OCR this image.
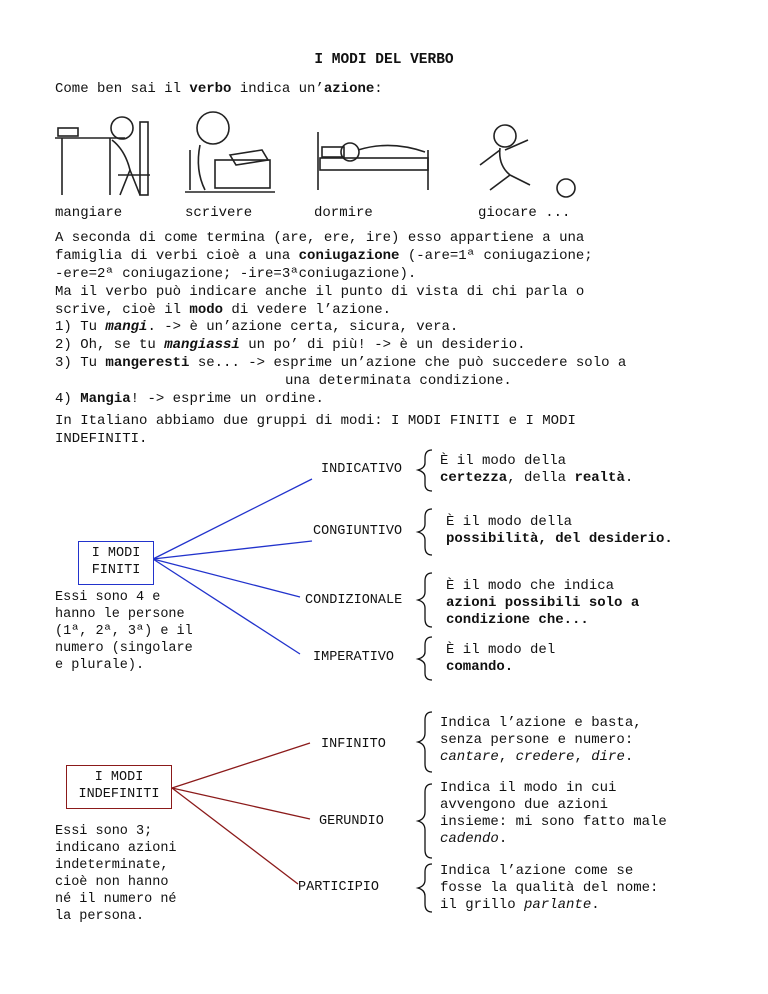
I MODI DEL VERBO
Come ben sai il verbo indica un’azione:
mangiare	scrivere	dormire	giocare ...
A seconda di come termina (are, ere, ire) esso appartiene a una
famiglia di verbi cioè a una coniugazione (-are=1ª coniugazione;
-ere=2ª coniugazione; -ire=3ªconiugazione).
Ma il verbo può indicare anche il punto di vista di chi parla o
scrive, cioè il modo di vedere l’azione.
1) Tu mangi. -> è un’azione certa, sicura, vera.
2) Oh, se tu mangiassi un po’ di più! -> è un desiderio.
3) Tu mangeresti se... -> esprime un’azione che può succedere solo a
una determinata condizione.
4) Mangia! -> esprime un ordine.
In Italiano abbiamo due gruppi di modi: I MODI FINITI e I MODI
INDEFINITI.
I MODI
FINITI
Essi sono 4 e
hanno le persone
(1ª, 2ª, 3ª) e il
numero (singolare
e plurale).
INDICATIVO
È il modo della
certezza, della realtà.
CONGIUNTIVO
È il modo della
possibilità, del desiderio.
CONDIZIONALE
È il modo che indica
azioni possibili solo a
condizione che...
IMPERATIVO	È il modo del
comando.
I MODI
INDEFINITI
Essi sono 3;
indicano azioni
indeterminate,
cioè non hanno
né il numero né
la persona.
INFINITO
Indica l’azione e basta,
senza persone e numero:
cantare, credere, dire.
GERUNDIO
Indica il modo in cui
avvengono due azioni
insieme: mi sono fatto male
cadendo.
PARTICIPIO
Indica l’azione come se
fosse la qualità del nome:
il grillo parlante.
